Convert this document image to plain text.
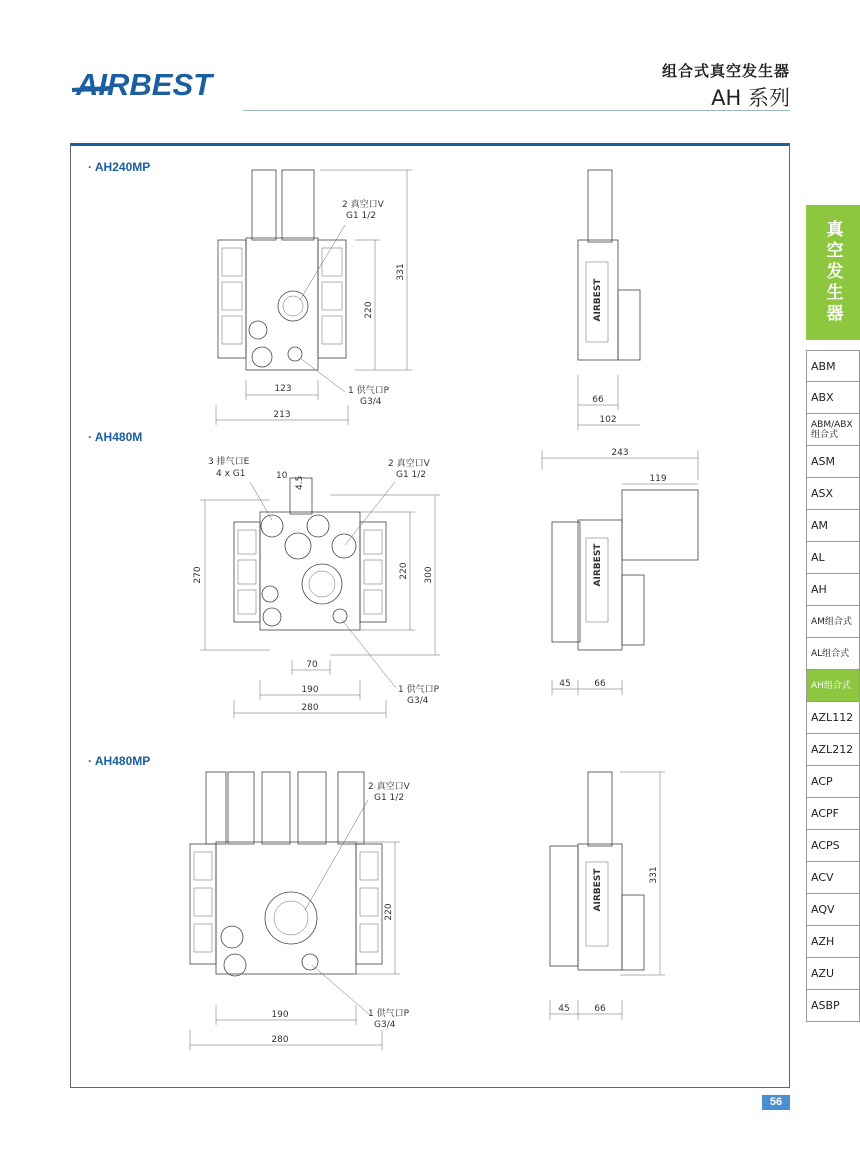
AIRBEST	组合式真空发生器
AH 系列
· AH240MP
· AH480M
· AH480MP
123
213
220
331
2 真空口V
G1 1/2
1 供气口P
G3/4
AIRBEST
66
102
270	220 300
70
190
280
10 4.5
3 排气口E
4 x G1
2 真空口V
G1 1/2
1 供气口P
G3/4
AIRBEST
243
119
45	66
220
190
280
2 真空口V
G1 1/2
1 供气口P
G3/4
AIRBEST	331
45	66
真空发生器
ABM
ABX
ABM/ABX组合式
ASM
ASX
AM
AL
AH
AM组合式
AL组合式
AH组合式
AZL112
AZL212
ACP
ACPF
ACPS
ACV
AQV
AZH
AZU
ASBP
56
